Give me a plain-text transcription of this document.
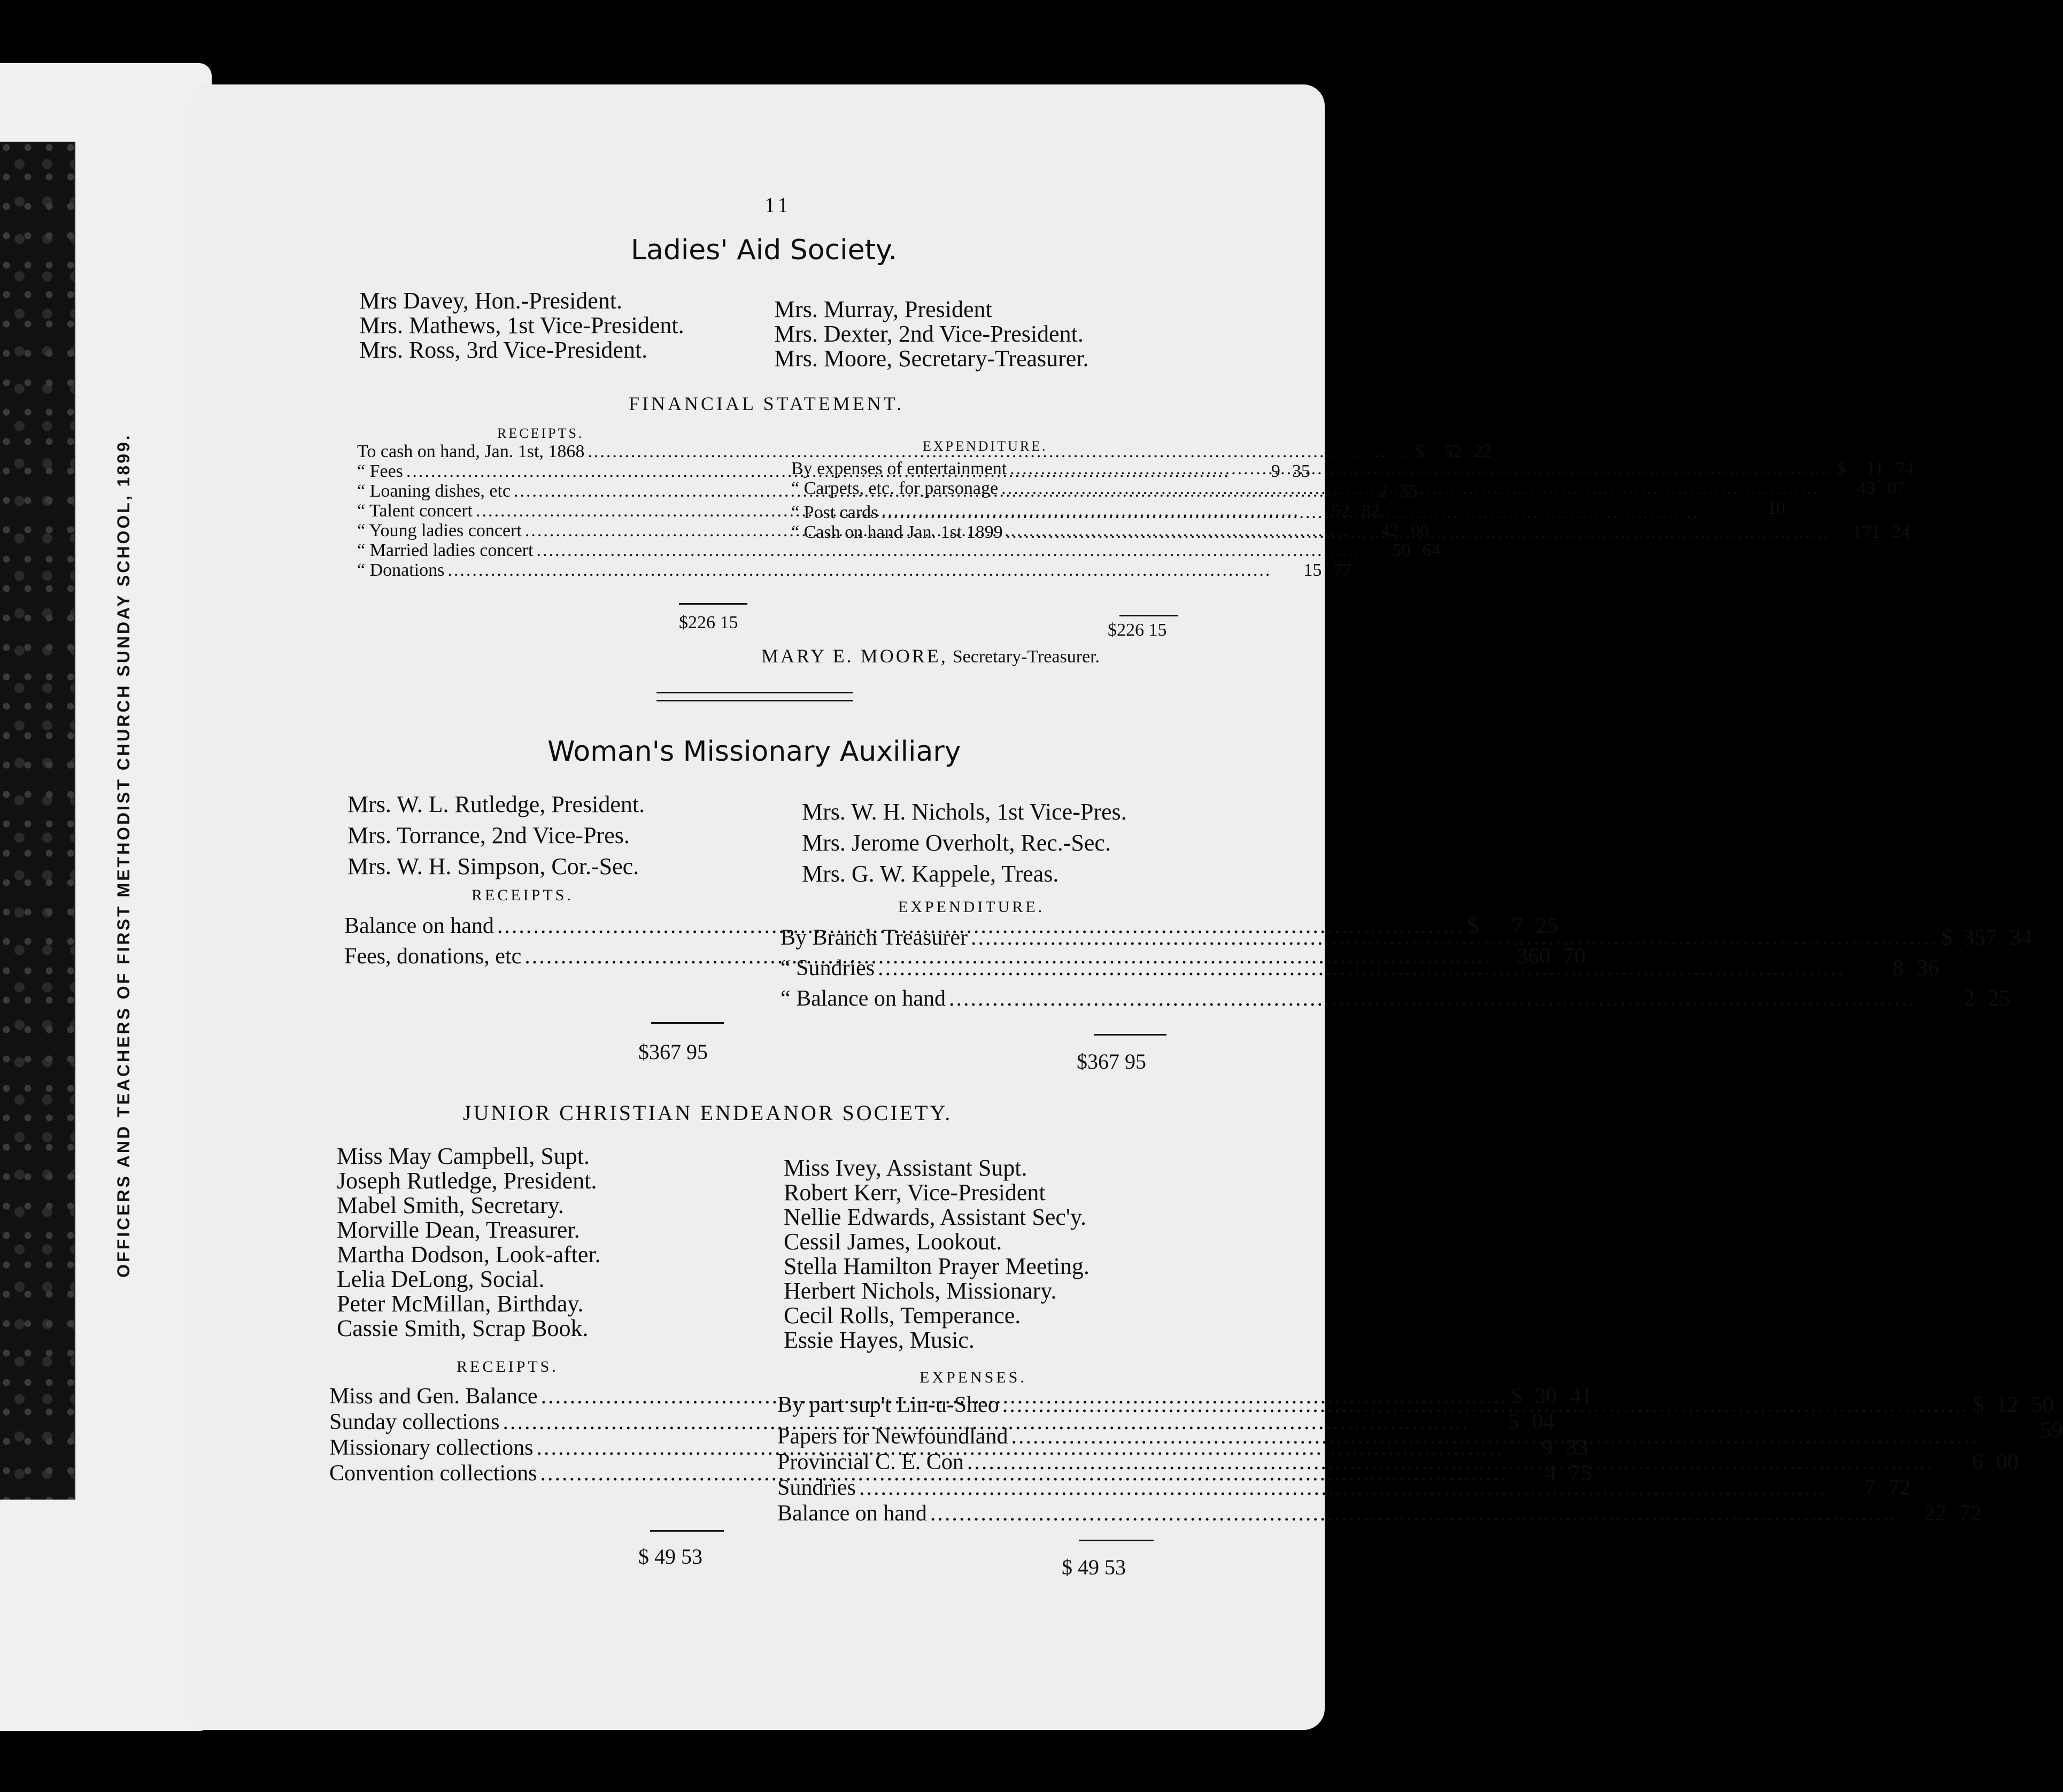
OFFICERS AND TEACHERS OF FIRST METHODIST CHURCH SUNDAY SCHOOL, 1899.
11
Ladies' Aid Society.
Mrs Davey, Hon.-President.
Mrs. Mathews, 1st Vice-President.
Mrs. Ross, 3rd Vice-President.
Mrs. Murray, President
Mrs. Dexter, 2nd Vice-President.
Mrs. Moore, Secretary-Treasurer.
FINANCIAL STATEMENT.
RECEIPTS.
To cash on hand, Jan. 1st, 1868 .....	$	52 22
“ Fees .....	9 35
“ Loaning dishes, etc .....	2 35
“ Talent concert .....	52 82
“ Young ladies concert .....	42 00
“ Married ladies concert .....	50 64
“ Donations .....	15 77
$226 15
EXPENDITURE.
By expenses of entertainment .....	$	11 74
“ Carpets, etc. for parsonage .....	43 07
“ Post cards .....	10
“ Cash on hand Jan. 1st 1899 .....	171 24
$226 15
MARY E. MOORE, Secretary-Treasurer.
Woman's Missionary Auxiliary
Mrs. W. L. Rutledge, President.
Mrs. Torrance, 2nd Vice-Pres.
Mrs. W. H. Simpson, Cor.-Sec.
Mrs. W. H. Nichols, 1st Vice-Pres.
Mrs. Jerome Overholt, Rec.-Sec.
Mrs. G. W. Kappele, Treas.
RECEIPTS.
Balance on hand .....	$	7 25
Fees, donations, etc .....	360 70
$367 95
EXPENDITURE.
By Branch Treasurer .....	$ 357 34
“ Sundries .....	8 36
“ Balance on hand .....	2 25
$367 95
JUNIOR CHRISTIAN ENDEANOR SOCIETY.
Miss May Campbell, Supt.
Joseph Rutledge, President.
Mabel Smith, Secretary.
Morville Dean, Treasurer.
Martha Dodson, Look-after.
Lelia DeLong, Social.
Peter McMillan, Birthday.
Cassie Smith, Scrap Book.
Miss Ivey, Assistant Supt.
Robert Kerr, Vice-President
Nellie Edwards, Assistant Sec'y.
Cessil James, Lookout.
Stella Hamilton Prayer Meeting.
Herbert Nichols, Missionary.
Cecil Rolls, Temperance.
Essie Hayes, Music.
RECEIPTS.
Miss and Gen. Balance .....	$ 30 41
Sunday collections .....	5 04
Missionary collections .....	9 33
Convention collections .....	4 75
$ 49 53
EXPENSES.
By part sup't Lin-u-Sheo .....	$ 12 50
Papers for Newfoundland .....	59
Provincial C. E. Con .....	6 00
Sundries .....	7 72
Balance on hand .....	22 72
$ 49 53
